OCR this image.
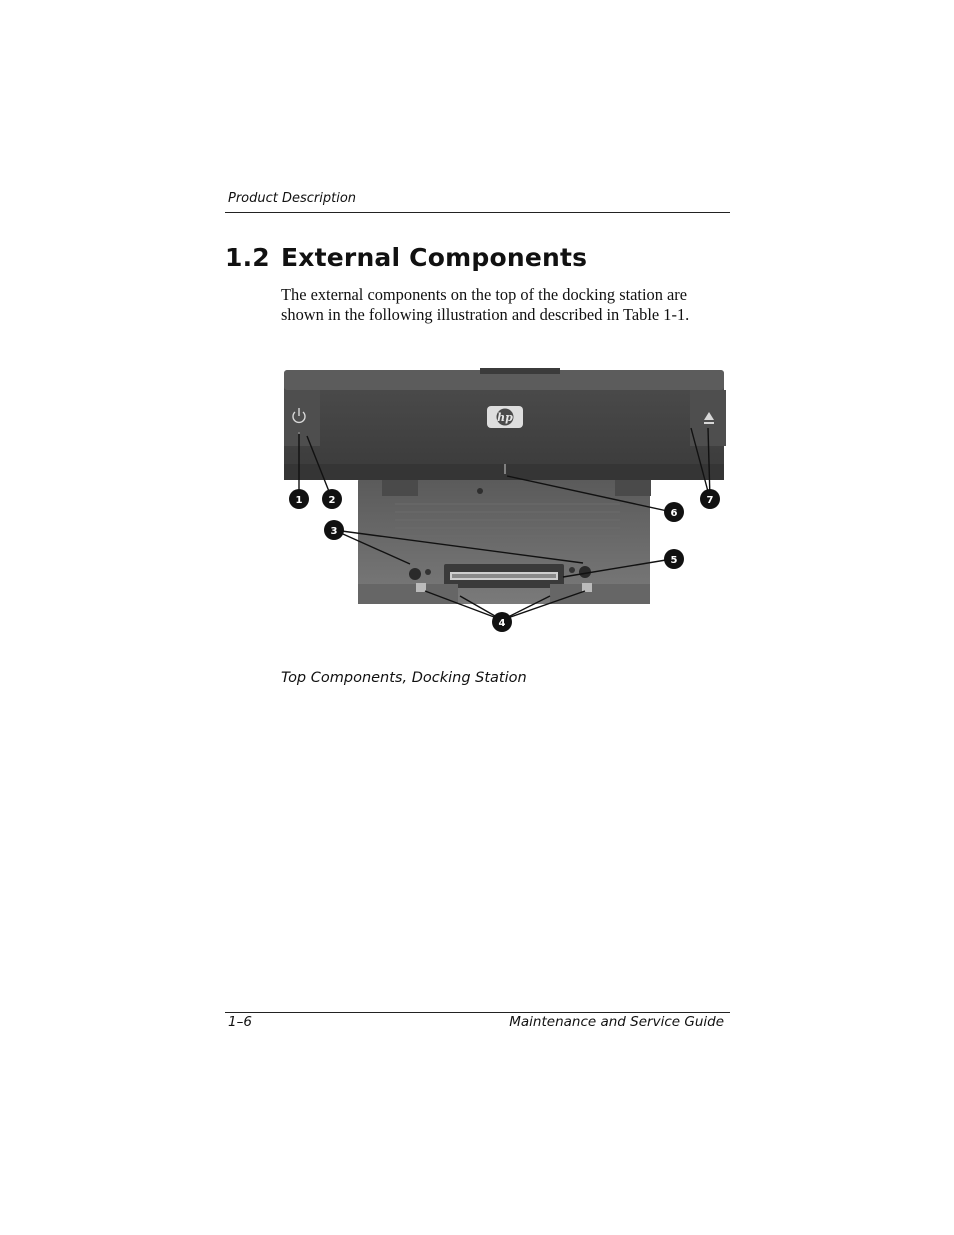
Product Description
1.2 External Components

The external components on the top of the docking station are shown in the following illustration and described in Table 1-1.

hp
1	2
3
4
5
6
7
Top Components, Docking Station
1–6	Maintenance and Service Guide
